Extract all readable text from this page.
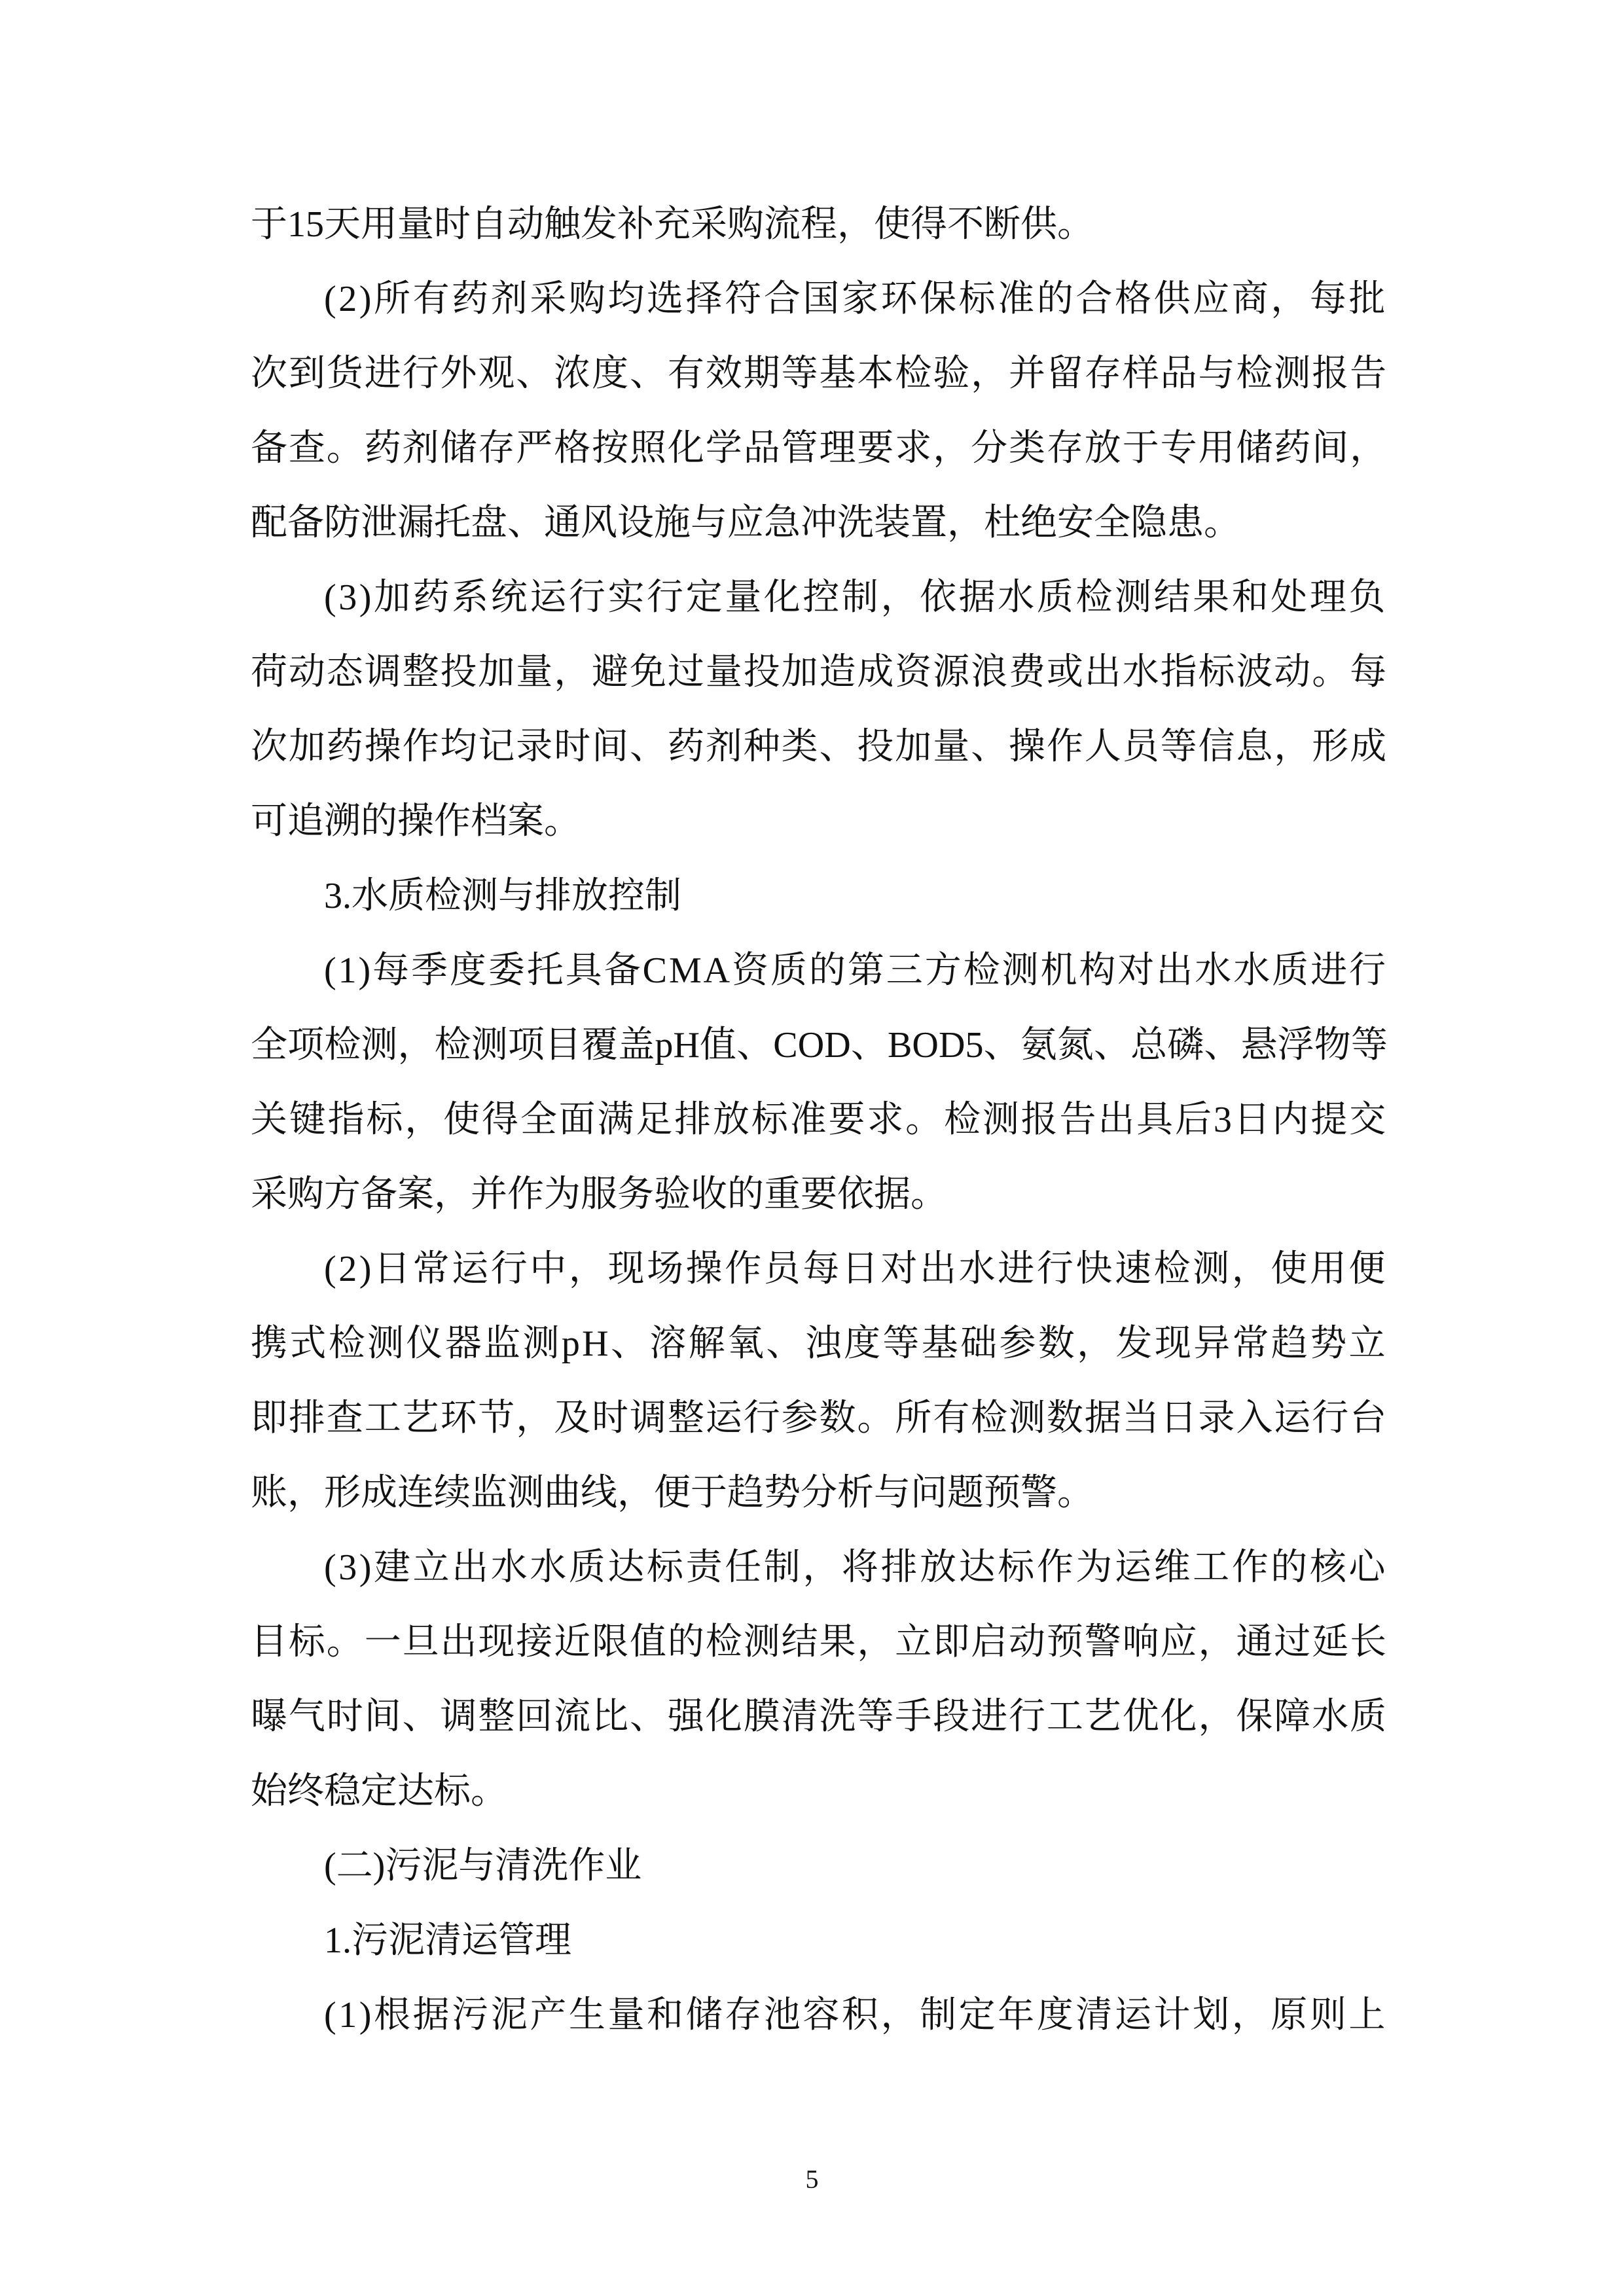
于15天用量时自动触发补充采购流程，使得不断供。
(2)所有药剂采购均选择符合国家环保标准的合格供应商，每批
次到货进行外观、浓度、有效期等基本检验，并留存样品与检测报告
备查。药剂储存严格按照化学品管理要求，分类存放于专用储药间，
配备防泄漏托盘、通风设施与应急冲洗装置，杜绝安全隐患。
(3)加药系统运行实行定量化控制，依据水质检测结果和处理负
荷动态调整投加量，避免过量投加造成资源浪费或出水指标波动。每
次加药操作均记录时间、药剂种类、投加量、操作人员等信息，形成
可追溯的操作档案。
3.水质检测与排放控制
(1)每季度委托具备CMA资质的第三方检测机构对出水水质进行
全项检测，检测项目覆盖pH值、COD、BOD5、氨氮、总磷、悬浮物等
关键指标，使得全面满足排放标准要求。检测报告出具后3日内提交
采购方备案，并作为服务验收的重要依据。
(2)日常运行中，现场操作员每日对出水进行快速检测，使用便
携式检测仪器监测pH、溶解氧、浊度等基础参数，发现异常趋势立
即排查工艺环节，及时调整运行参数。所有检测数据当日录入运行台
账，形成连续监测曲线，便于趋势分析与问题预警。
(3)建立出水水质达标责任制，将排放达标作为运维工作的核心
目标。一旦出现接近限值的检测结果，立即启动预警响应，通过延长
曝气时间、调整回流比、强化膜清洗等手段进行工艺优化，保障水质
始终稳定达标。
(二)污泥与清洗作业
1.污泥清运管理
(1)根据污泥产生量和储存池容积，制定年度清运计划，原则上
5
